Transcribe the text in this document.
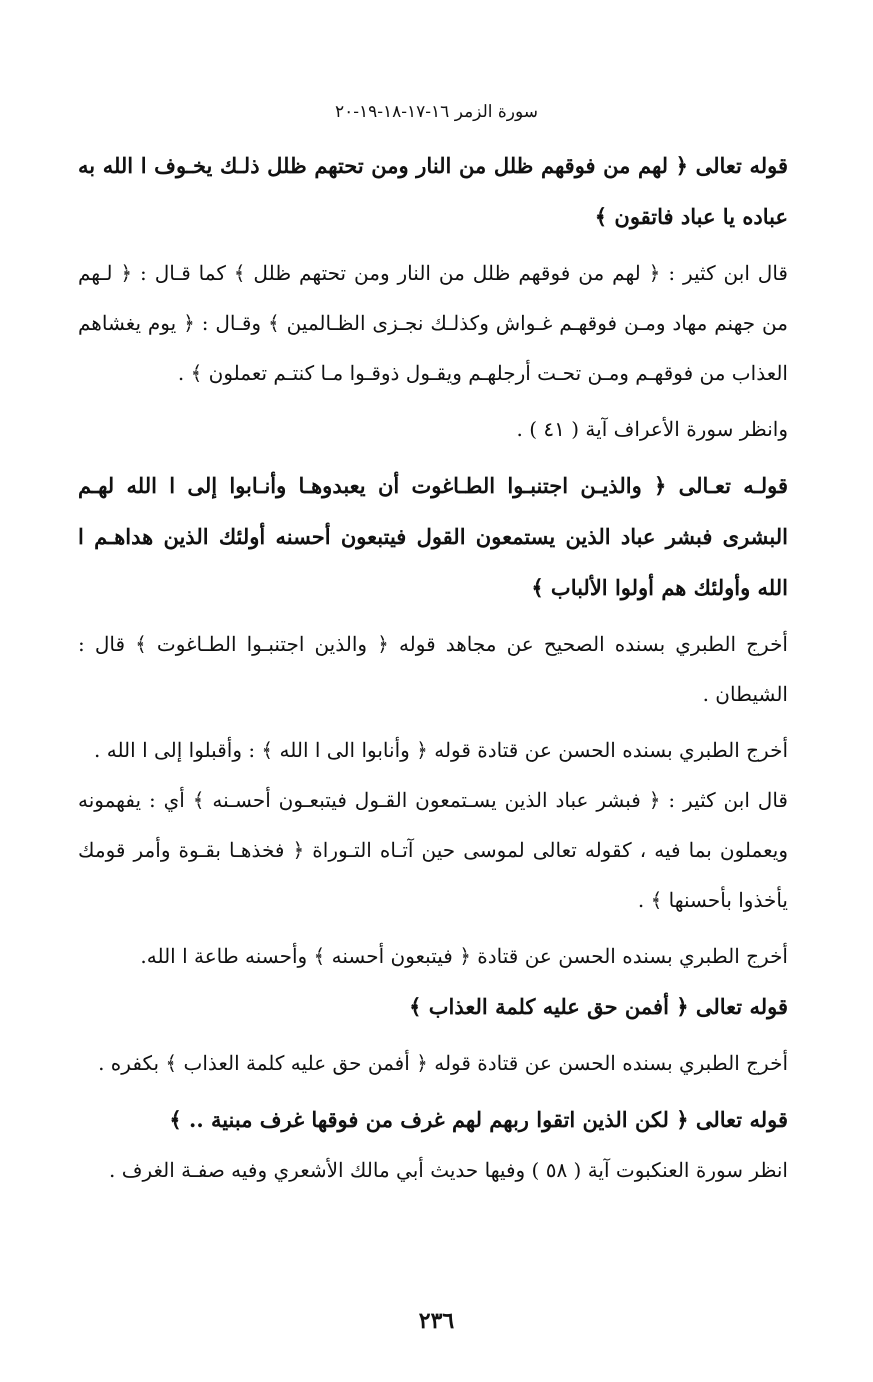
سورة الزمر ١٦-١٧-١٨-١٩-٢٠

قوله تعالى ﴿ لهم من فوقهم ظلل من النار ومن تحتهم ظلل ذلـك يخـوف ا الله به عباده يا عباد فاتقون ﴾

قال ابن كثير : ﴿ لهم من فوقهم ظلل من النار ومن تحتهم ظلل ﴾ كما قـال : ﴿ لـهم من جهنم مهاد ومـن فوقهـم غـواش وكذلـك نجـزى الظـالمين ﴾ وقـال : ﴿ يوم يغشاهم العذاب من فوقهـم ومـن تحـت أرجلهـم ويقـول ذوقـوا مـا كنتـم تعملون ﴾ .

وانظر سورة الأعراف آية ( ٤١ ) .

قولـه تعـالى ﴿ والذيـن اجتنبـوا الطـاغوت أن يعبدوهـا وأنـابوا إلى ا الله لهـم البشرى فبشر عباد الذين يستمعون القول فيتبعون أحسنه أولئك الذين هداهـم ا الله وأولئك هم أولوا الألباب ﴾

أخرج الطبري بسنده الصحيح عن مجاهد قوله ﴿ والذين اجتنبـوا الطـاغوت ﴾ قال : الشيطان .

أخرج الطبري بسنده الحسن عن قتادة قوله ﴿ وأنابوا الى ا الله ﴾ : وأقبلوا إلى ا الله .

قال ابن كثير : ﴿ فبشر عباد الذين يسـتمعون القـول فيتبعـون أحسـنه ﴾ أي : يفهمونه ويعملون بما فيه ، كقوله تعالى لموسى حين آتـاه التـوراة ﴿ فخذهـا بقـوة وأمر قومك يأخذوا بأحسنها ﴾ .

أخرج الطبري بسنده الحسن عن قتادة ﴿ فيتبعون أحسنه ﴾ وأحسنه طاعة ا الله.

قوله تعالى ﴿ أفمن حق عليه كلمة العذاب ﴾

أخرج الطبري بسنده الحسن عن قتادة قوله ﴿ أفمن حق عليه كلمة العذاب ﴾ بكفره .

قوله تعالى ﴿ لكن الذين اتقوا ربهم لهم غرف من فوقها غرف مبنية .. ﴾

انظر سورة العنكبوت آية ( ٥٨ ) وفيها حديث أبي مالك الأشعري وفيه صفـة الغرف .

٢٣٦
